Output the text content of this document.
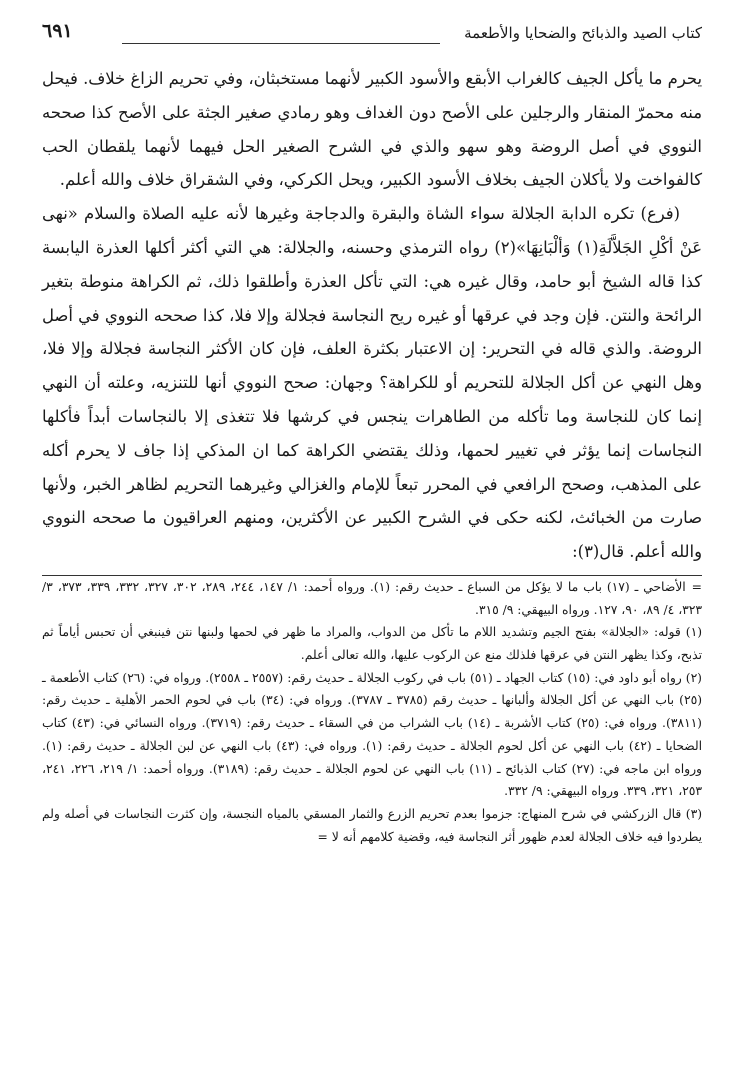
كتاب الصيد والذبائح والضحايا والأطعمة
٦٩١

يحرم ما يأكل الجيف كالغراب الأبقع والأسود الكبير لأنهما مستخبثان، وفي تحريم الزاغ خلاف. فيحل منه محمرّ المنقار والرجلين على الأصح دون الغداف وهو رمادي صغير الجثة على الأصح كذا صححه النووي في أصل الروضة وهو سهو والذي في الشرح الصغير الحل فيهما لأنهما يلقطان الحب كالفواخت ولا يأكلان الجيف بخلاف الأسود الكبير، ويحل الكركي، وفي الشقراق خلاف والله أعلم.

(فرع) تكره الدابة الجلالة سواء الشاة والبقرة والدجاجة وغيرها لأنه عليه الصلاة والسلام «نهى عَنْ أكْلِ الجَلاَّلَةِ(١) وَألْبَانِهَا»(٢) رواه الترمذي وحسنه، والجلالة: هي التي أكثر أكلها العذرة اليابسة كذا قاله الشيخ أبو حامد، وقال غيره هي: التي تأكل العذرة وأطلقوا ذلك، ثم الكراهة منوطة بتغير الرائحة والنتن. فإن وجد في عرقها أو غيره ريح النجاسة فجلالة وإلا فلا، كذا صححه النووي في أصل الروضة. والذي قاله في التحرير: إن الاعتبار بكثرة العلف، فإن كان الأكثر النجاسة فجلالة وإلا فلا، وهل النهي عن أكل الجلالة للتحريم أو للكراهة؟ وجهان: صحح النووي أنها للتنزيه، وعلته أن النهي إنما كان للنجاسة وما تأكله من الطاهرات ينجس في كرشها فلا تتغذى إلا بالنجاسات أبداً فأكلها النجاسات إنما يؤثر في تغيير لحمها، وذلك يقتضي الكراهة كما ان المذكي إذا جاف لا يحرم أكله على المذهب، وصحح الرافعي في المحرر تبعاً للإمام والغزالي وغيرهما التحريم لظاهر الخبر، ولأنها صارت من الخبائث، لكنه حكى في الشرح الكبير عن الأكثرين، ومنهم العراقيون ما صححه النووي والله أعلم. قال(٣):

=الأضاحي ـ (١٧) باب ما لا يؤكل من السباع ـ حديث رقم: (١). ورواه أحمد: ١/ ١٤٧، ٢٤٤، ٢٨٩، ٣٠٢، ٣٢٧، ٣٣٢، ٣٣٩، ٣٧٣، ٣/ ٣٢٣، ٤/ ٨٩، ٩٠، ١٢٧. ورواه البيهقي: ٩/ ٣١٥.

(١) قوله: «الجلالة» بفتح الجيم وتشديد اللام ما تأكل من الدواب، والمراد ما ظهر في لحمها ولبنها نتن فينبغي أن تحبس أياماً ثم تذبح، وكذا يظهر النتن في عرقها فلذلك منع عن الركوب عليها، والله تعالى أعلم.

(٢) رواه أبو داود في: (١٥) كتاب الجهاد ـ (٥١) باب في ركوب الجلالة ـ حديث رقم: (٢٥٥٧ ـ ٢٥٥٨). ورواه في: (٢٦) كتاب الأطعمة ـ (٢٥) باب النهي عن أكل الجلالة وألبانها ـ حديث رقم (٣٧٨٥ ـ ٣٧٨٧). ورواه في: (٣٤) باب في لحوم الحمر الأهلية ـ حديث رقم: (٣٨١١). ورواه في: (٢٥) كتاب الأشربة ـ (١٤) باب الشراب من في السقاء ـ حديث رقم: (٣٧١٩). ورواه النسائي في: (٤٣) كتاب الضحايا ـ (٤٢) باب النهي عن أكل لحوم الجلالة ـ حديث رقم: (١). ورواه في: (٤٣) باب النهي عن لبن الجلالة ـ حديث رقم: (١). ورواه ابن ماجه في: (٢٧) كتاب الذبائح ـ (١١) باب النهي عن لحوم الجلالة ـ حديث رقم: (٣١٨٩). ورواه أحمد: ١/ ٢١٩، ٢٢٦، ٢٤١، ٢٥٣، ٣٢١، ٣٣٩. ورواه البيهقي: ٩/ ٣٣٢.

(٣) قال الزركشي في شرح المنهاج: جزموا بعدم تحريم الزرع والثمار المسقي بالمياه النجسة، وإن كثرت النجاسات في أصله ولم يطردوا فيه خلاف الجلالة لعدم ظهور أثر النجاسة فيه، وقضية كلامهم أنه لا =
